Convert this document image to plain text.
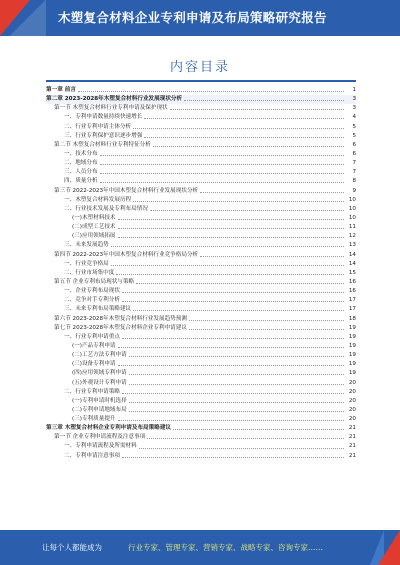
木塑复合材料企业专利申请及布局策略研究报告
内容目录
第一章 前言	1
第二章 2023-2028年木塑复合材料行业发展现状分析	3
第一节 木塑复合材料行业专利申请及保护现状	3
一、专利申请数量持续快速增长	4
二、行业专利申请主体分析	5
三、行业专利保护意识逐步增强	5
第二节 木塑复合材料行业专利特征分析	6
一、技术分布	6
二、地域分布	7
三、人员分布	7
四、质量分析	8
第三节 2022-2023年中国木塑复合材料行业发展现状分析	9
一、木塑复合材料发展历程	10
二、行业技术发展及专利布局情况	10
(一)木塑材料技术	10
(二)成型工艺技术	11
(三)应用领域拓展	12
三、未来发展趋势	13
第四节 2022-2023年中国木塑复合材料行业竞争格局分析	14
一、行业竞争格局	14
二、行业市场集中度	15
第五节 企业专利布局现状与策略	16
一、企业专利布局现状	16
二、竞争对手专利分析	17
三、未来专利布局策略建议	17
第六节 2023-2028年木塑复合材料行业发展趋势预测	18
第七节 2023-2028年木塑复合材料企业专利申请建议	19
一、行业专利申请重点	19
(一)产品专利申请	19
(二)工艺方法专利申请	19
(三)设备专利申请	19
(四)应用领域专利申请	19
(五)外观设计专利申请	20
二、行业专利申请策略	20
(一)专利申请时机选择	20
(二)专利申请地域布局	20
(三)专利质量提升	20
第三章 木塑复合材料企业专利申请及布局策略建议	21
第一节 企业专利申请流程及注意事项	21
一、专利申请流程及所需材料	21
二、专利申请注意事项	21
让每个人都能成为	行业专家、管理专家、营销专家、战略专家、咨询专家……
